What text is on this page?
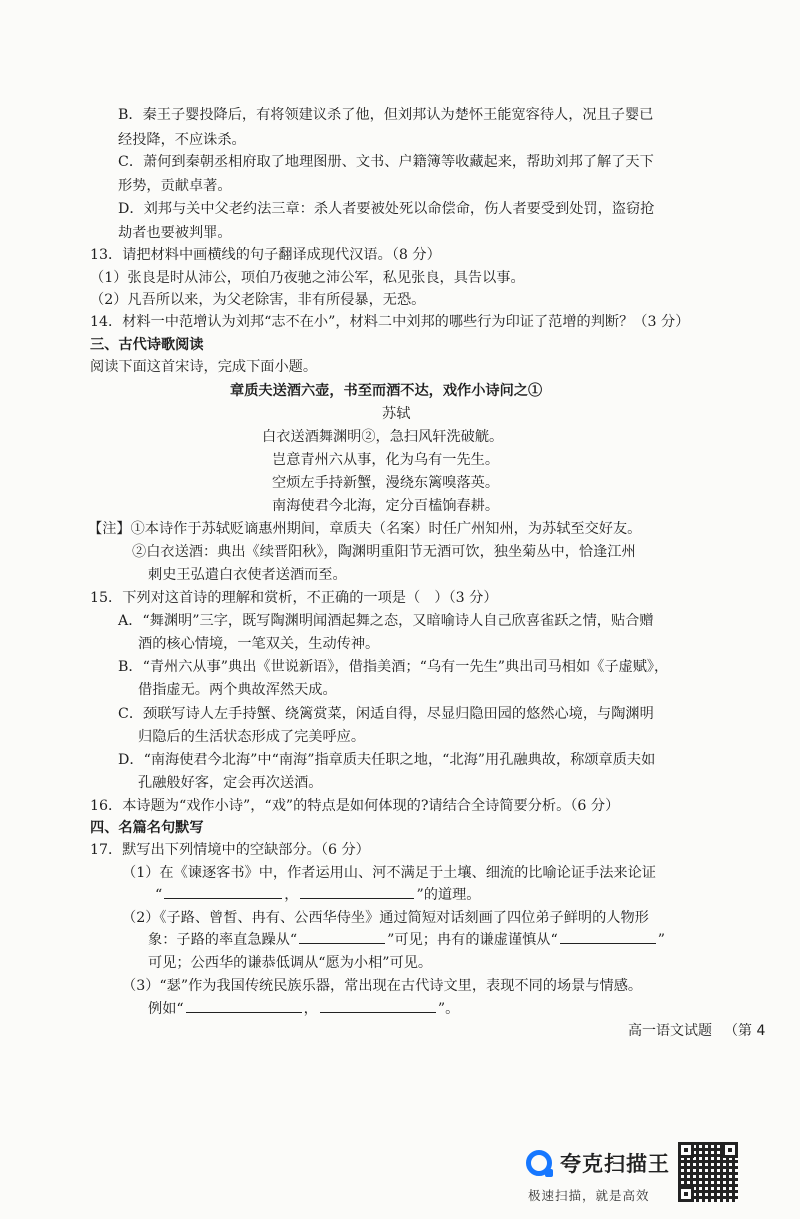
B．秦王子婴投降后，有将领建议杀了他，但刘邦认为楚怀王能宽容待人，况且子婴已
经投降，不应诛杀。
C．萧何到秦朝丞相府取了地理图册、文书、户籍簿等收藏起来，帮助刘邦了解了天下
形势，贡献卓著。
D．刘邦与关中父老约法三章：杀人者要被处死以命偿命，伤人者要受到处罚，盗窃抢
劫者也要被判罪。
13．请把材料中画横线的句子翻译成现代汉语。（8 分）
（1）张良是时从沛公，项伯乃夜驰之沛公军，私见张良，具告以事。
（2）凡吾所以来，为父老除害，非有所侵暴，无恐。
14．材料一中范增认为刘邦“志不在小”，材料二中刘邦的哪些行为印证了范增的判断？（3 分）
三、古代诗歌阅读
阅读下面这首宋诗，完成下面小题。
章质夫送酒六壶，书至而酒不达，戏作小诗问之①
苏轼
白衣送酒舞渊明②，急扫风轩洗破觥。
岂意青州六从事，化为乌有一先生。
空烦左手持新蟹，漫绕东篱嗅落英。
南海使君今北海，定分百榼饷春耕。
【注】①本诗作于苏轼贬谪惠州期间，章质夫（名案）时任广州知州，为苏轼至交好友。
②白衣送酒：典出《续晋阳秋》，陶渊明重阳节无酒可饮，独坐菊丛中，恰逢江州
刺史王弘遣白衣使者送酒而至。
15．下列对这首诗的理解和赏析，不正确的一项是（　）（3 分）
A．“舞渊明”三字，既写陶渊明闻酒起舞之态，又暗喻诗人自己欣喜雀跃之情，贴合赠
酒的核心情境，一笔双关，生动传神。
B．“青州六从事”典出《世说新语》，借指美酒；“乌有一先生”典出司马相如《子虚赋》，
借指虚无。两个典故浑然天成。
C．颈联写诗人左手持蟹、绕篱赏菜，闲适自得，尽显归隐田园的悠然心境，与陶渊明
归隐后的生活状态形成了完美呼应。
D．“南海使君今北海”中“南海”指章质夫任职之地，“北海”用孔融典故，称颂章质夫如
孔融般好客，定会再次送酒。
16．本诗题为“戏作小诗”，“戏”的特点是如何体现的?请结合全诗简要分析。（6 分）
四、名篇名句默写
17．默写出下列情境中的空缺部分。（6 分）
（1）在《谏逐客书》中，作者运用山、河不满足于土壤、细流的比喻论证手法来论证
“	，	”的道理。
（2）《子路、曾皙、冉有、公西华侍坐》通过简短对话刻画了四位弟子鲜明的人物形
象：子路的率直急躁从“	”可见；冉有的谦虚谨慎从“	”
可见；公西华的谦恭低调从“愿为小相”可见。
（3）“瑟”作为我国传统民族乐器，常出现在古代诗文里，表现不同的场景与情感。
例如“	，	”。
高一语文试题 （第 4
夸克扫描王
极速扫描，就是高效
